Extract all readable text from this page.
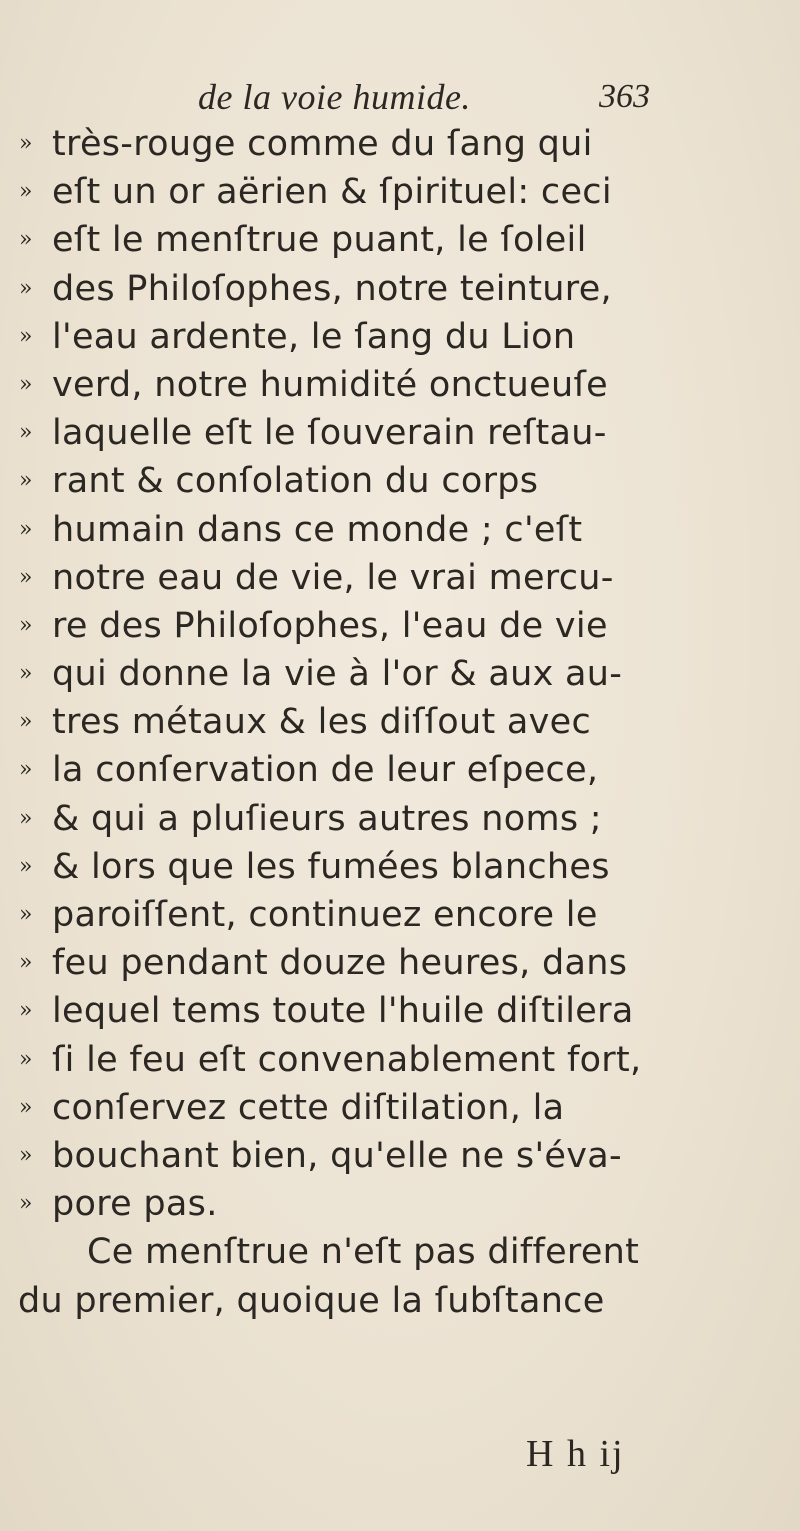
de la voie humide.	363
» très-rouge comme du ſang qui
» eſt un or aërien & ſpirituel: ceci
» eſt le menſtrue puant, le ſoleil
» des Philoſophes, notre teinture,
» l'eau ardente, le ſang du Lion
» verd, notre humidité onctueuſe
» laquelle eſt le ſouverain reſtau-
» rant & conſolation du corps
» humain dans ce monde ; c'eſt
» notre eau de vie, le vrai mercu-
» re des Philoſophes, l'eau de vie
» qui donne la vie à l'or & aux au-
» tres métaux & les diſſout avec
» la conſervation de leur eſpece,
» & qui a pluſieurs autres noms ;
» & lors que les fumées blanches
» paroiſſent, continuez encore le
» feu pendant douze heures, dans
» lequel tems toute l'huile diſtilera
» ſi le feu eſt convenablement fort,
» conſervez cette diſtilation, la
» bouchant bien, qu'elle ne s'éva-
» pore pas.
Ce menſtrue n'eſt pas different
du premier, quoique la ſubſtance
H h ij
